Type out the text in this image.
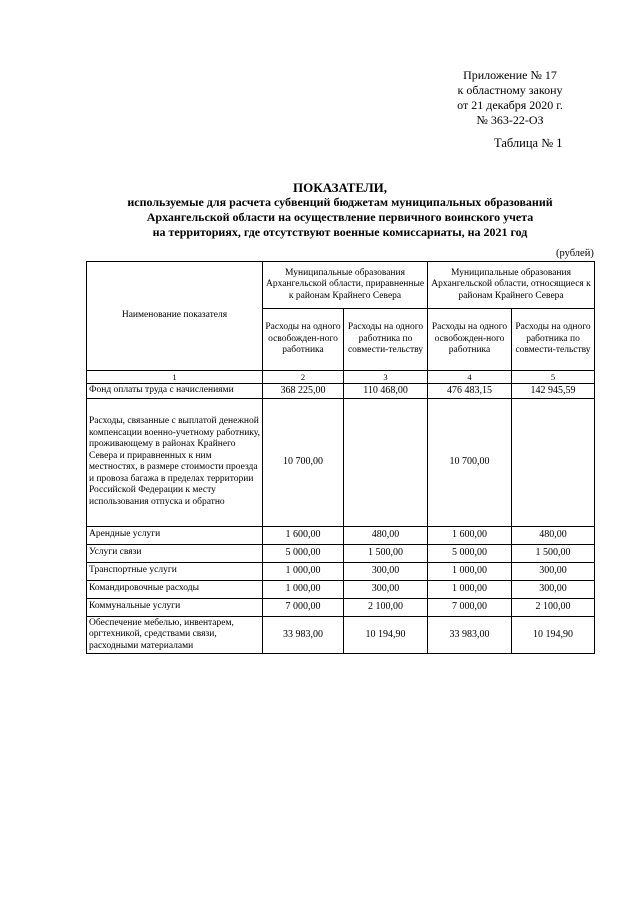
Приложение № 17
к областному закону
от 21 декабря 2020 г.
№ 363-22-ОЗ
Таблица № 1
ПОКАЗАТЕЛИ,
используемые для расчета субвенций бюджетам муниципальных образований
Архангельской области на осуществление первичного воинского учета
на территориях, где отсутствуют военные комиссариаты, на 2021 год
(рублей)
Наименование показателя	Муниципальные образования Архангельской области, приравненные к районам Крайнего Севера		Муниципальные образования Архангельской области, относящиеся к районам Крайнего Севера	
	Расходы на одного освобожден-ного работника	Расходы на одного работника по совмести-тельству	Расходы на одного освобожден-ного работника	Расходы на одного работника по совмести-тельству
1	2	3	4	5
Фонд оплаты труда с начислениями	368 225,00	110 468,00	476 483,15	142 945,59
Расходы, связанные с выплатой денежной компенсации военно-учетному работнику, проживающему в районах Крайнего Севера и приравненных к ним местностях, в размере стоимости проезда и провоза багажа в пределах территории Российской Федерации к месту использования отпуска и обратно	10 700,00		10 700,00	
Арендные услуги	1 600,00	480,00	1 600,00	480,00
Услуги связи	5 000,00	1 500,00	5 000,00	1 500,00
Транспортные услуги	1 000,00	300,00	1 000,00	300,00
Командировочные расходы	1 000,00	300,00	1 000,00	300,00
Коммунальные услуги	7 000,00	2 100,00	7 000,00	2 100,00
Обеспечение мебелью, инвентарем, оргтехникой, средствами связи, расходными материалами	33 983,00	10 194,90	33 983,00	10 194,90
